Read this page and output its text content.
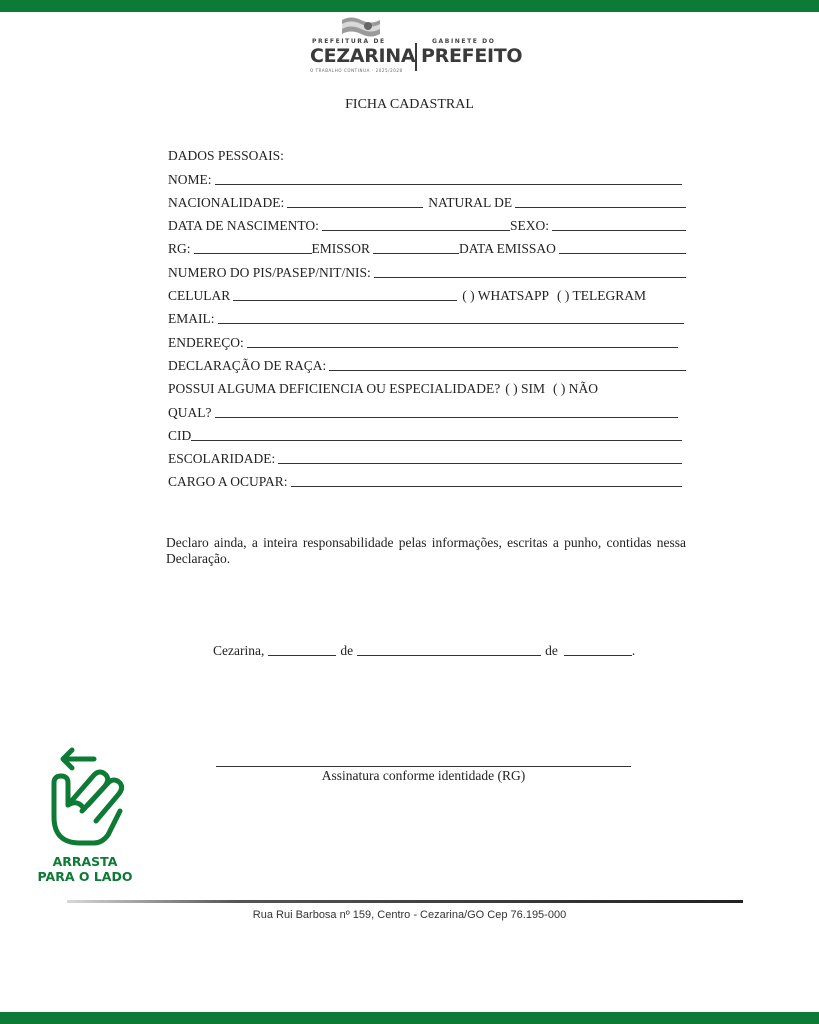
PREFEITURA DE	GABINETE DO
CEZARINA PREFEITO
O TRABALHO CONTINUA · 2025/2028
FICHA CADASTRAL
DADOS PESSOAIS:
NOME:
NACIONALIDADE:	NATURAL DE
DATA DE NASCIMENTO:	SEXO:
RG:	EMISSOR	DATA EMISSAO
NUMERO DO PIS/PASEP/NIT/NIS:
CELULAR	( ) WHATSAPP ( ) TELEGRAM
EMAIL:
ENDEREÇO:
DECLARAÇÃO DE RAÇA:
POSSUI ALGUMA DEFICIENCIA OU ESPECIALIDADE? ( ) SIM ( ) NÃO
QUAL?
CID
ESCOLARIDADE:
CARGO A OCUPAR:
Declaro ainda, a inteira responsabilidade pelas informações, escritas a punho, contidas nessa Declaração.
Cezarina,	de	de	.
Assinatura conforme identidade (RG)
ARRASTA
PARA O LADO
Rua Rui Barbosa nº 159, Centro - Cezarina/GO Cep 76.195-000
